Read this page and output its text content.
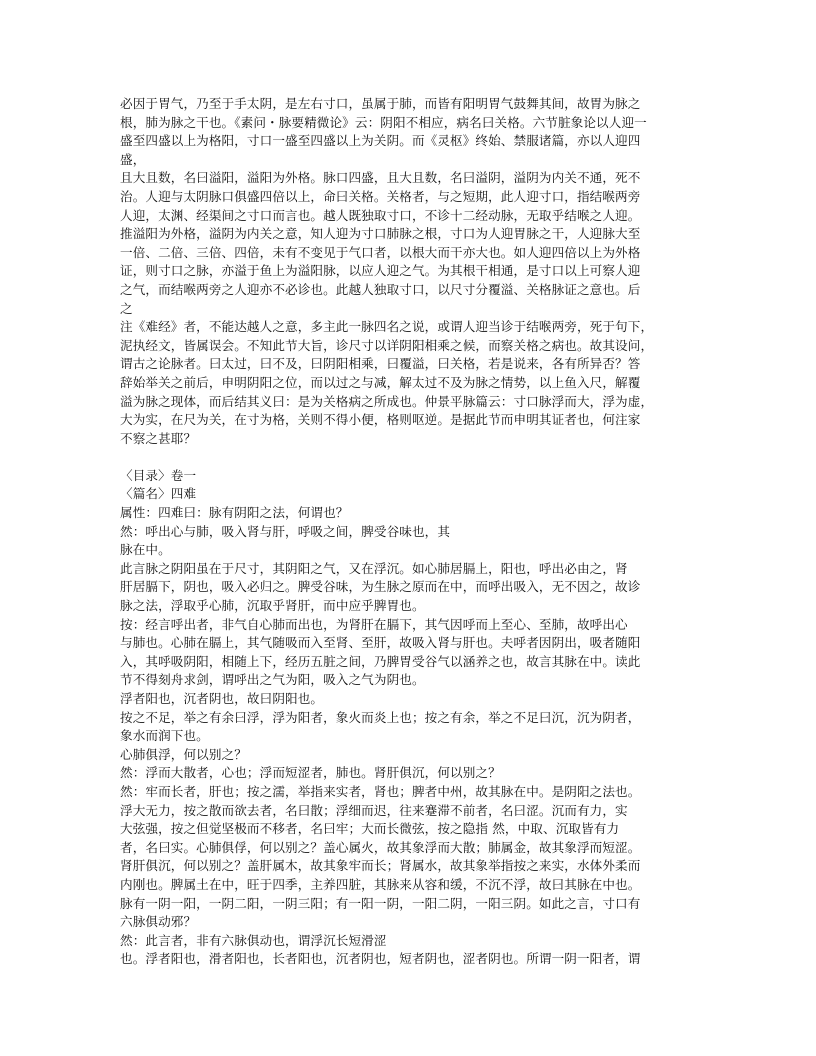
必因于胃气，乃至于手太阴，是左右寸口，虽属于肺，而皆有阳明胃气鼓舞其间，故胃为脉之
根，肺为脉之干也。《素问・脉要精微论》云：阴阳不相应，病名曰关格。六节脏象论以人迎一
盛至四盛以上为格阳，寸口一盛至四盛以上为关阴。而《灵枢》终始、禁服诸篇，亦以人迎四
盛，
且大且数，名曰溢阳，溢阳为外格。脉口四盛，且大且数，名曰溢阴，溢阴为内关不通，死不
治。人迎与太阴脉口俱盛四倍以上，命曰关格。关格者，与之短期，此人迎寸口，指结喉两旁
人迎，太渊、经渠间之寸口而言也。越人既独取寸口，不诊十二经动脉，无取乎结喉之人迎。
推溢阳为外格，溢阴为内关之意，知人迎为寸口肺脉之根，寸口为人迎胃脉之干，人迎脉大至
一倍、二倍、三倍、四倍，未有不变见于气口者，以根大而干亦大也。如人迎四倍以上为外格
证，则寸口之脉，亦溢于鱼上为溢阳脉，以应人迎之气。为其根干相通，是寸口以上可察人迎
之气，而结喉两旁之人迎亦不必诊也。此越人独取寸口，以尺寸分覆溢、关格脉证之意也。后
之
注《难经》者，不能达越人之意，多主此一脉四名之说，或谓人迎当诊于结喉两旁，死于句下，
泥执经文，皆属误会。不知此节大旨，诊尺寸以详阴阳相乘之候，而察关格之病也。故其设问，
谓古之论脉者。曰太过，曰不及，曰阴阳相乘，曰覆溢，曰关格，若是说来，各有所异否？答
辞始举关之前后，申明阴阳之位，而以过之与减，解太过不及为脉之情势，以上鱼入尺，解覆
溢为脉之现体，而后结其义曰：是为关格病之所成也。仲景平脉篇云：寸口脉浮而大，浮为虚，
大为实，在尺为关，在寸为格，关则不得小便，格则呕逆。是据此节而申明其证者也，何注家
不察之甚耶？
〈目录〉卷一
〈篇名〉四难
属性：四难曰：脉有阴阳之法，何谓也？
然：呼出心与肺，吸入肾与肝，呼吸之间，脾受谷味也，其
脉在中。
此言脉之阴阳虽在于尺寸，其阴阳之气，又在浮沉。如心肺居膈上，阳也，呼出必由之，肾
肝居膈下，阴也，吸入必归之。脾受谷味，为生脉之原而在中，而呼出吸入，无不因之，故诊
脉之法，浮取乎心肺，沉取乎肾肝，而中应乎脾胃也。
按：经言呼出者，非气自心肺而出也，为肾肝在膈下，其气因呼而上至心、至肺，故呼出心
与肺也。心肺在膈上，其气随吸而入至肾、至肝，故吸入肾与肝也。夫呼者因阴出，吸者随阳
入，其呼吸阴阳，相随上下，经历五脏之间，乃脾胃受谷气以涵养之也，故言其脉在中。读此
节不得刻舟求剑，谓呼出之气为阳，吸入之气为阴也。
浮者阳也，沉者阴也，故曰阴阳也。
按之不足，举之有余曰浮，浮为阳者，象火而炎上也；按之有余，举之不足曰沉，沉为阴者，
象水而润下也。
心肺俱浮，何以别之？
然：浮而大散者，心也；浮而短涩者，肺也。肾肝俱沉，何以别之？
然：牢而长者，肝也；按之濡，举指来实者，肾也；脾者中州，故其脉在中。是阴阳之法也。
浮大无力，按之散而欲去者，名曰散；浮细而迟，往来蹇滞不前者，名曰涩。沉而有力，实
大弦强，按之但觉坚极而不移者，名曰牢；大而长微弦，按之隐指 然，中取、沉取皆有力
者，名曰实。心肺俱俘，何以别之？盖心属火，故其象浮而大散；肺属金，故其象浮而短涩。
肾肝俱沉，何以别之？盖肝属木，故其象牢而长；肾属水，故其象举指按之来实，水体外柔而
内刚也。脾属土在中，旺于四季，主养四脏，其脉来从容和缓，不沉不浮，故曰其脉在中也。
脉有一阴一阳，一阴二阳，一阴三阳；有一阳一阴，一阳二阴，一阳三阴。如此之言，寸口有
六脉俱动邪？
然：此言者，非有六脉俱动也，谓浮沉长短滑涩
也。浮者阳也，滑者阳也，长者阳也，沉者阴也，短者阴也，涩者阴也。所谓一阴一阳者，谓
